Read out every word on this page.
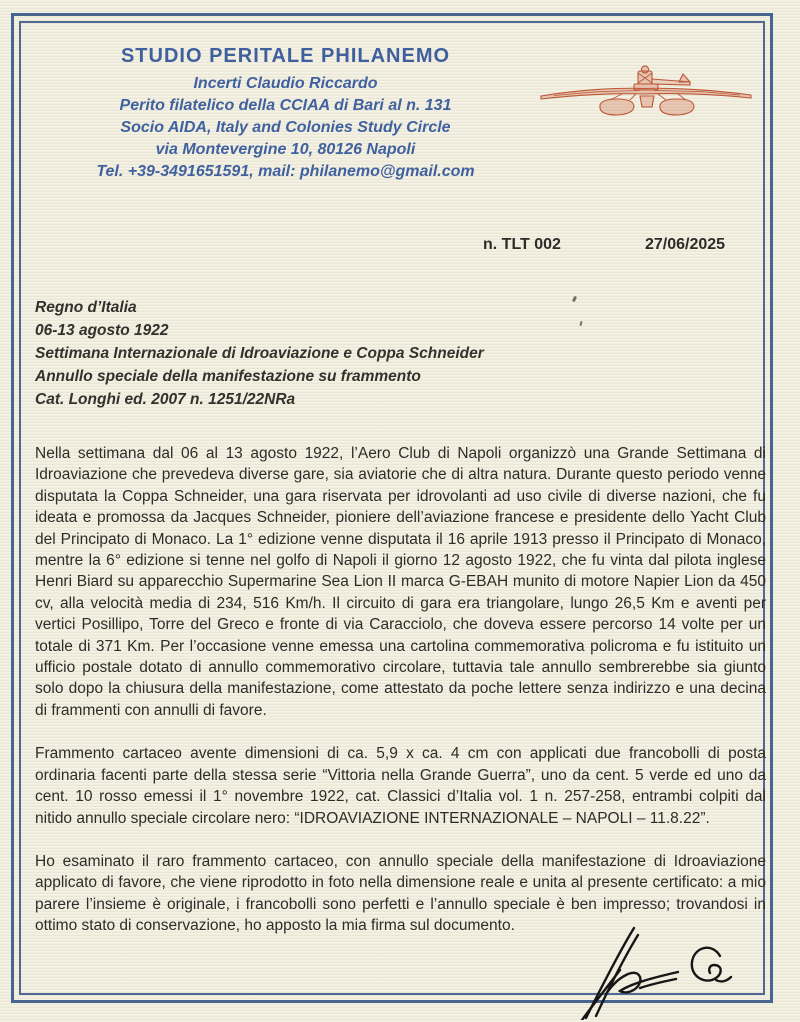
STUDIO PERITALE PHILANEMO
Incerti Claudio Riccardo
Perito filatelico della CCIAA di Bari al n. 131
Socio AIDA, Italy and Colonies Study Circle
via Montevergine 10, 80126 Napoli
Tel. +39-3491651591, mail: philanemo@gmail.com
n. TLT 002	27/06/2025
Regno d’Italia
06-13 agosto 1922
Settimana Internazionale di Idroaviazione e Coppa Schneider
Annullo speciale della manifestazione su frammento
Cat. Longhi ed. 2007 n. 1251/22NRa

Nella settimana dal 06 al 13 agosto 1922, l’Aero Club di Napoli organizzò una Grande Settimana di Idroaviazione che prevedeva diverse gare, sia aviatorie che di altra natura. Durante questo periodo venne disputata la Coppa Schneider, una gara riservata per idrovolanti ad uso civile di diverse nazioni, che fu ideata e promossa da Jacques Schneider, pioniere dell’aviazione francese e presidente dello Yacht Club del Principato di Monaco. La 1° edizione venne disputata il 16 aprile 1913 presso il Principato di Monaco, mentre la 6° edizione si tenne nel golfo di Napoli il giorno 12 agosto 1922, che fu vinta dal pilota inglese Henri Biard su apparecchio Supermarine Sea Lion II marca G-EBAH munito di motore Napier Lion da 450 cv, alla velocità media di 234, 516 Km/h. Il circuito di gara era triangolare, lungo 26,5 Km e aventi per vertici Posillipo, Torre del Greco e fronte di via Caracciolo, che doveva essere percorso 14 volte per un totale di 371 Km. Per l’occasione venne emessa una cartolina commemorativa policroma e fu istituito un ufficio postale dotato di annullo commemorativo circolare, tuttavia tale annullo sembrerebbe sia giunto solo dopo la chiusura della manifestazione, come attestato da poche lettere senza indirizzo e una decina di frammenti con annulli di favore.

Frammento cartaceo avente dimensioni di ca. 5,9 x ca. 4 cm con applicati due francobolli di posta ordinaria facenti parte della stessa serie “Vittoria nella Grande Guerra”, uno da cent. 5 verde ed uno da cent. 10 rosso emessi il 1° novembre 1922, cat. Classici d’Italia vol. 1 n. 257-258, entrambi colpiti dal nitido annullo speciale circolare nero: “IDROAVIAZIONE INTERNAZIONALE – NAPOLI – 11.8.22”.

Ho esaminato il raro frammento cartaceo, con annullo speciale della manifestazione di Idroaviazione applicato di favore, che viene riprodotto in foto nella dimensione reale e unita al presente certificato: a mio parere l’insieme è originale, i francobolli sono perfetti e l’annullo speciale è ben impresso; trovandosi in ottimo stato di conservazione, ho apposto la mia firma sul documento.
